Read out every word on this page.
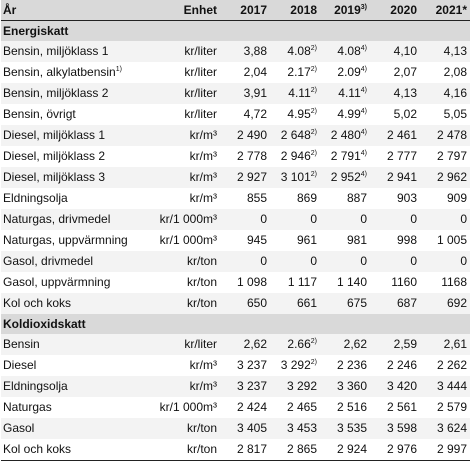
År	Enhet	2017	2018	2019$^{3)}$	2020	2021*
Energiskatt						
Bensin, miljöklass 1	kr/liter	3,88	4.08$^{2)}$	4.08$^{4)}$	4,10	4,13
Bensin, alkylatbensin$^{1)}$	kr/liter	2,04	2.17$^{2)}$	2.09$^{4)}$	2,07	2,08
Bensin, miljöklass 2	kr/liter	3,91	4.11$^{2)}$	4.11$^{4)}$	4,13	4,16
Bensin, övrigt	kr/liter	4,72	4.95$^{2)}$	4.99$^{4)}$	5,02	5,05
Diesel, miljöklass 1	kr/m³	2 490	2 648$^{2)}$	2 480$^{4)}$	2 461	2 478
Diesel, miljöklass 2	kr/m³	2 778	2 946$^{2)}$	2 791$^{4)}$	2 777	2 797
Diesel, miljöklass 3	kr/m³	2 927	3 101$^{2)}$	2 952$^{4)}$	2 941	2 962
Eldningsolja	kr/m³	855	869	887	903	909
Naturgas, drivmedel	kr/1 000m³	0	0	0	0	0
Naturgas, uppvärmning	kr/1 000m³	945	961	981	998	1 005
Gasol, drivmedel	kr/ton	0	0	0	0	0
Gasol, uppvärmning	kr/ton	1 098	1 117	1 140	1160	1168
Kol och koks	kr/ton	650	661	675	687	692
Koldioxidskatt						
Bensin	kr/liter	2,62	2.66$^{2)}$	2,62	2,59	2,61
Diesel	kr/m³	3 237	3 292$^{2)}$	2 236	2 246	2 262
Eldningsolja	kr/m³	3 237	3 292	3 360	3 420	3 444
Naturgas	kr/1 000m³	2 424	2 465	2 516	2 561	2 579
Gasol	kr/ton	3 405	3 453	3 535	3 598	3 624
Kol och koks	kr/ton	2 817	2 865	2 924	2 976	2 997
